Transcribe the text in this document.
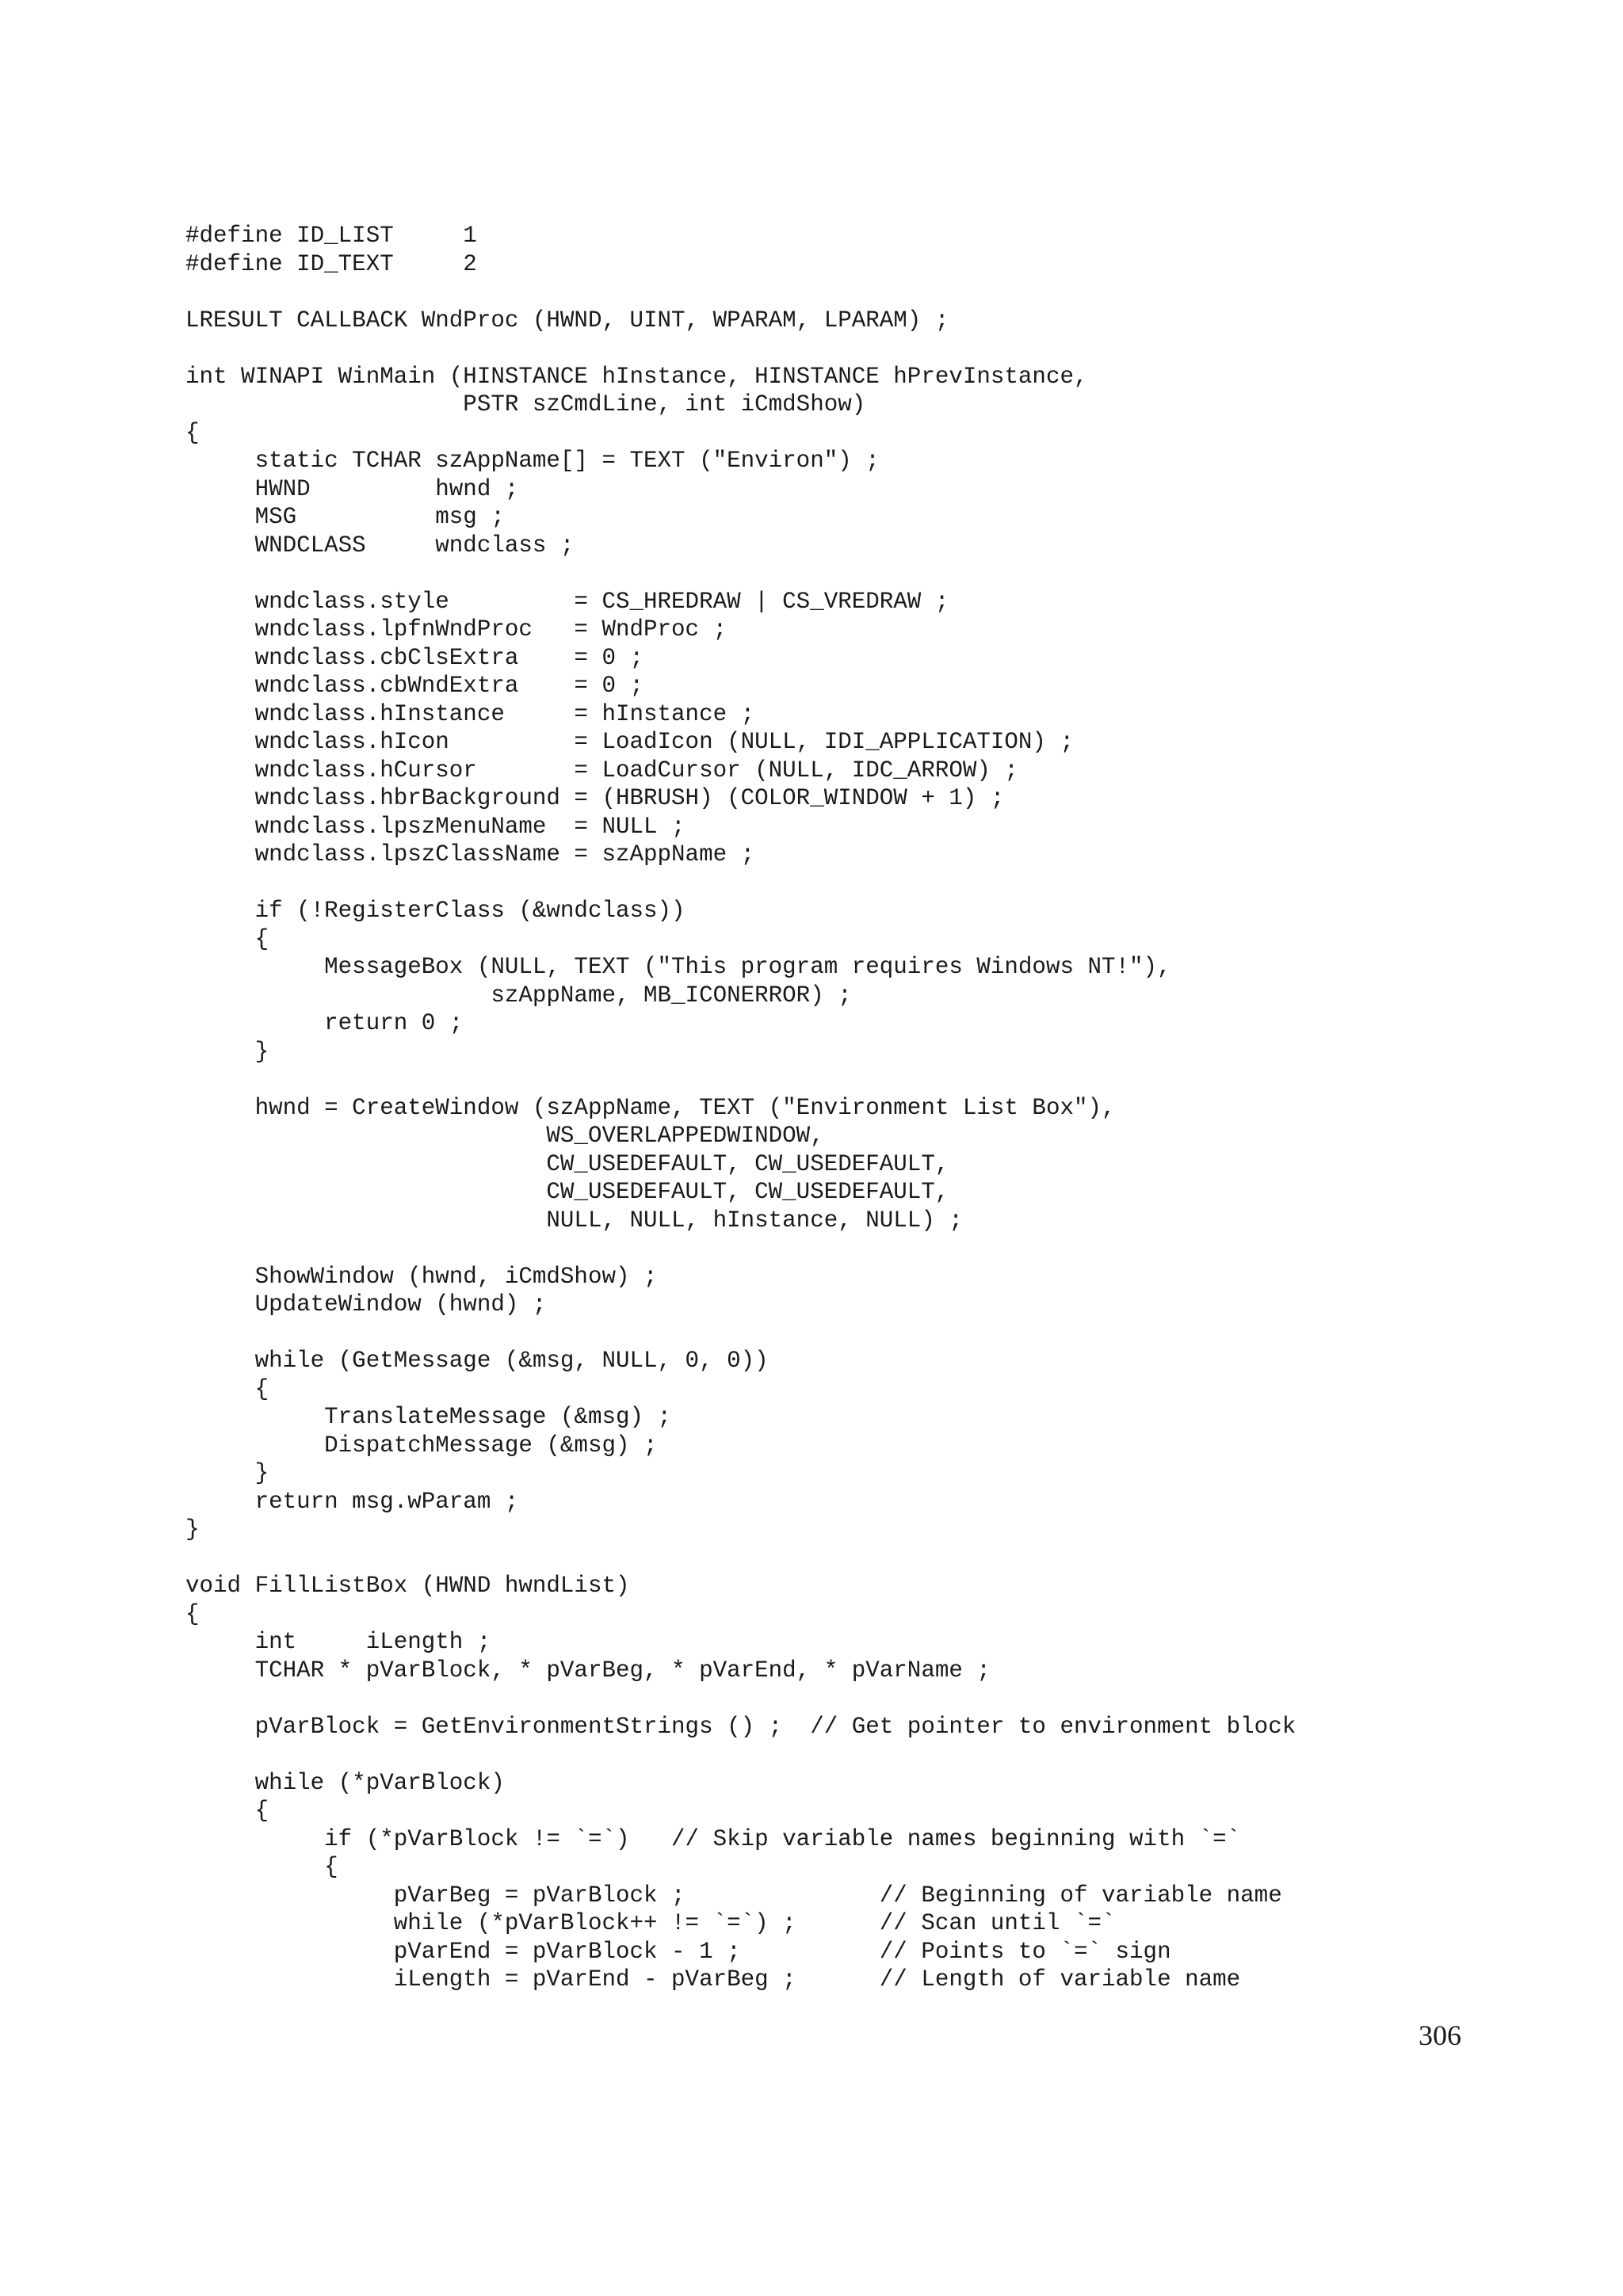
#define ID_LIST     1
#define ID_TEXT     2
LRESULT CALLBACK WndProc (HWND, UINT, WPARAM, LPARAM) ;
int WINAPI WinMain (HINSTANCE hInstance, HINSTANCE hPrevInstance,
PSTR szCmdLine, int iCmdShow)
{
static TCHAR szAppName[] = TEXT ("Environ") ;
HWND         hwnd ;
MSG          msg ;
WNDCLASS     wndclass ;
wndclass.style         = CS_HREDRAW | CS_VREDRAW ;
wndclass.lpfnWndProc   = WndProc ;
wndclass.cbClsExtra    = 0 ;
wndclass.cbWndExtra    = 0 ;
wndclass.hInstance     = hInstance ;
wndclass.hIcon         = LoadIcon (NULL, IDI_APPLICATION) ;
wndclass.hCursor       = LoadCursor (NULL, IDC_ARROW) ;
wndclass.hbrBackground = (HBRUSH) (COLOR_WINDOW + 1) ;
wndclass.lpszMenuName  = NULL ;
wndclass.lpszClassName = szAppName ;
if (!RegisterClass (&wndclass))
{
MessageBox (NULL, TEXT ("This program requires Windows NT!"),
szAppName, MB_ICONERROR) ;
return 0 ;
}
hwnd = CreateWindow (szAppName, TEXT ("Environment List Box"),
WS_OVERLAPPEDWINDOW,
CW_USEDEFAULT, CW_USEDEFAULT,
CW_USEDEFAULT, CW_USEDEFAULT,
NULL, NULL, hInstance, NULL) ;
ShowWindow (hwnd, iCmdShow) ;
UpdateWindow (hwnd) ;
while (GetMessage (&msg, NULL, 0, 0))
{
TranslateMessage (&msg) ;
DispatchMessage (&msg) ;
}
return msg.wParam ;
}
void FillListBox (HWND hwndList)
{
int     iLength ;
TCHAR * pVarBlock, * pVarBeg, * pVarEnd, * pVarName ;
pVarBlock = GetEnvironmentStrings () ;  // Get pointer to environment block
while (*pVarBlock)
{
if (*pVarBlock != `=`)   // Skip variable names beginning with `=`
{
pVarBeg = pVarBlock ;              // Beginning of variable name
while (*pVarBlock++ != `=`) ;      // Scan until `=`
pVarEnd = pVarBlock - 1 ;          // Points to `=` sign
iLength = pVarEnd - pVarBeg ;      // Length of variable name
306
